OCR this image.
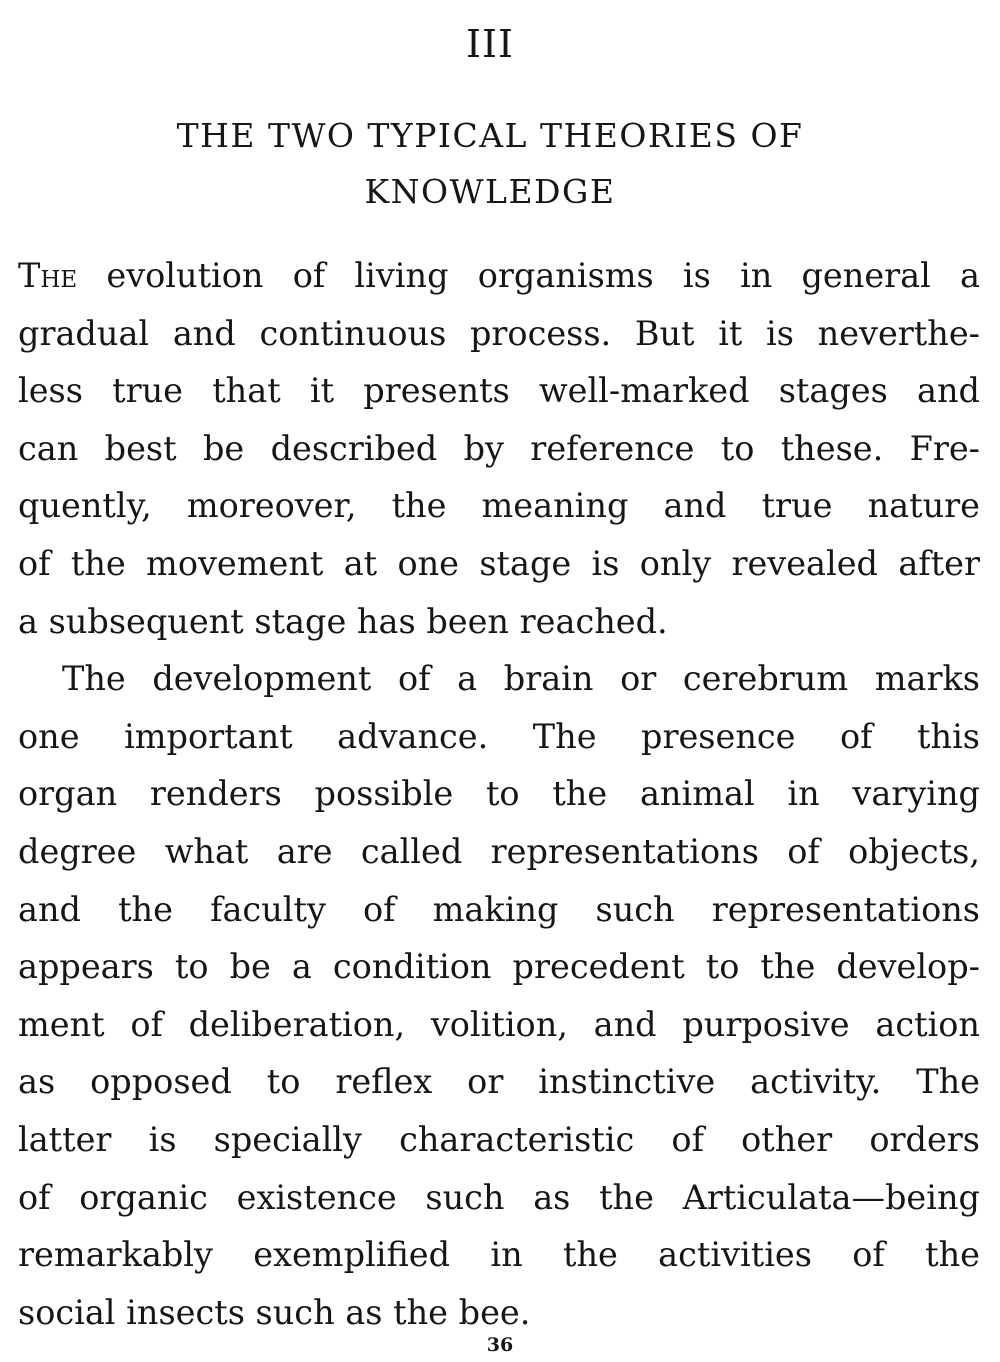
III
THE TWO TYPICAL THEORIES OF
KNOWLEDGE

The evolution of living organisms is in general a
gradual and continuous process. But it is neverthe-
less true that it presents well-marked stages and
can best be described by reference to these. Fre-
quently, moreover, the meaning and true nature
of the movement at one stage is only revealed after
a subsequent stage has been reached.

The development of a brain or cerebrum marks
one important advance. The presence of this
organ renders possible to the animal in varying
degree what are called representations of objects,
and the faculty of making such representations
appears to be a condition precedent to the develop-
ment of deliberation, volition, and purposive action
as opposed to reflex or instinctive activity. The
latter is specially characteristic of other orders
of organic existence such as the Articulata—being
remarkably exemplified in the activities of the
social insects such as the bee.

36
